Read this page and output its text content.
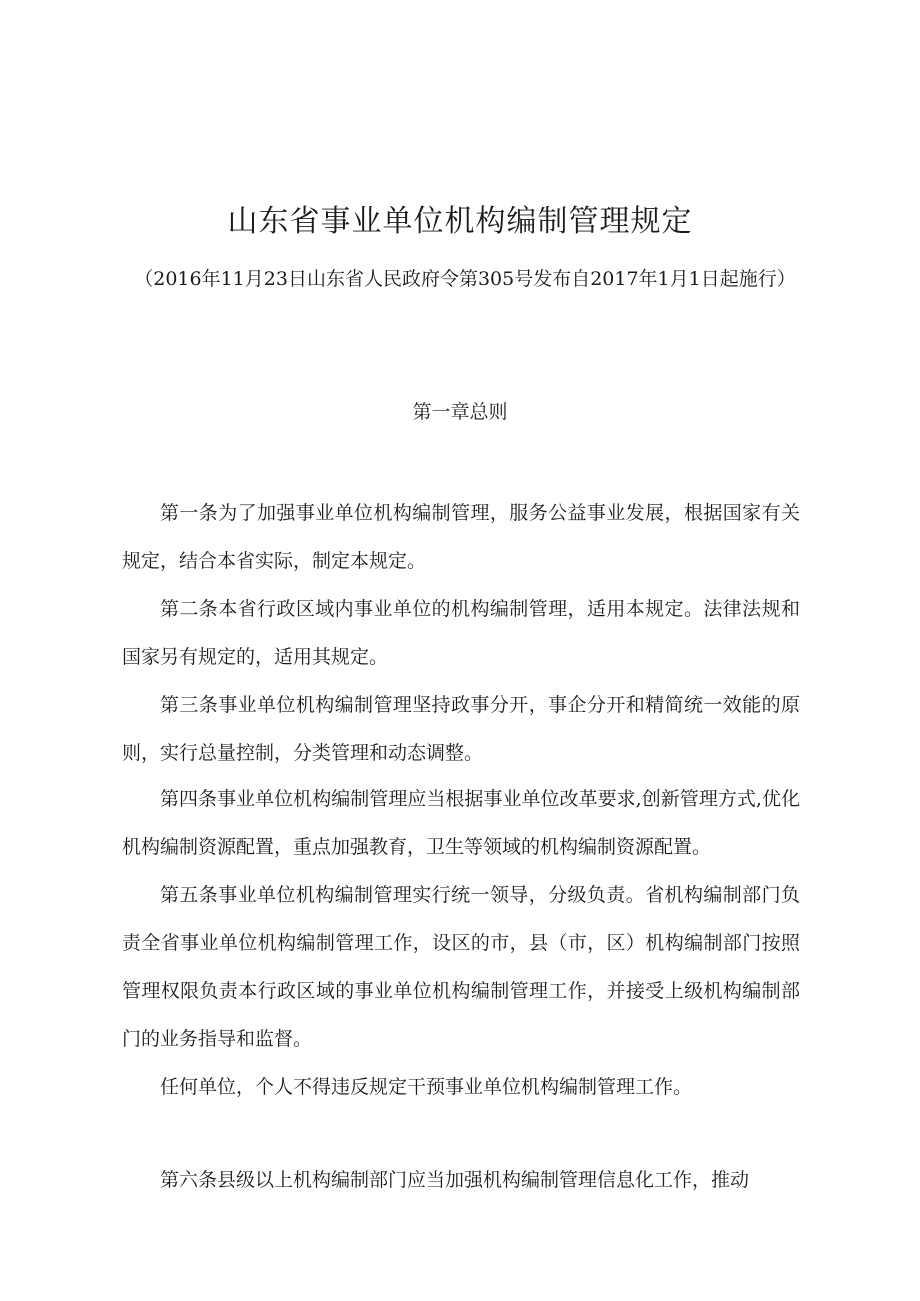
山东省事业单位机构编制管理规定

（2016年11月23日山东省人民政府令第305号发布自2017年1月1日起施行）

第一章总则

第一条为了加强事业单位机构编制管理，服务公益事业发展，根据国家有关规定，结合本省实际，制定本规定。

第二条本省行政区域内事业单位的机构编制管理，适用本规定。法律法规和国家另有规定的，适用其规定。

第三条事业单位机构编制管理坚持政事分开，事企分开和精简统一效能的原则，实行总量控制，分类管理和动态调整。

第四条事业单位机构编制管理应当根据事业单位改革要求,创新管理方式,优化机构编制资源配置，重点加强教育，卫生等领域的机构编制资源配置。

第五条事业单位机构编制管理实行统一领导，分级负责。省机构编制部门负责全省事业单位机构编制管理工作，设区的市，县（市，区）机构编制部门按照管理权限负责本行政区域的事业单位机构编制管理工作，并接受上级机构编制部门的业务指导和监督。

任何单位，个人不得违反规定干预事业单位机构编制管理工作。

第六条县级以上机构编制部门应当加强机构编制管理信息化工作，推动
